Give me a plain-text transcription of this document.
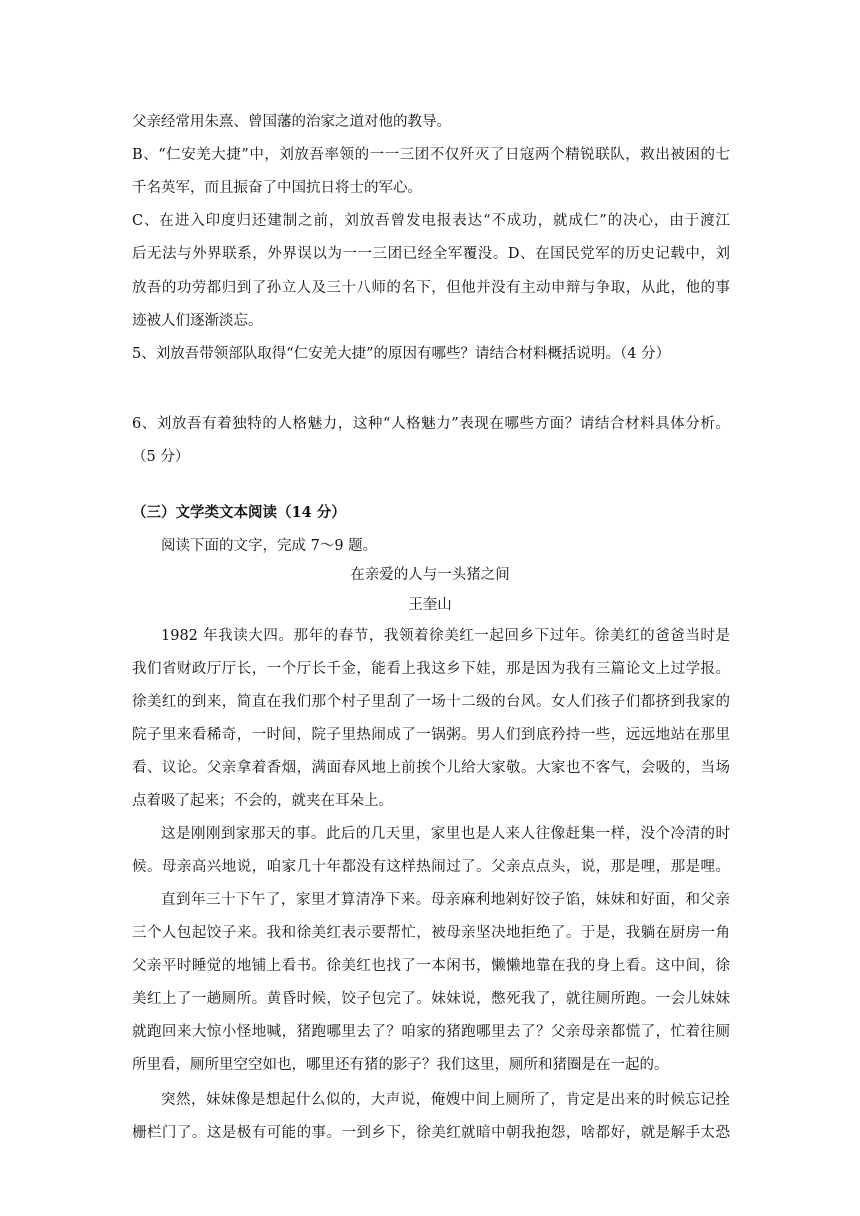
父亲经常用朱熹、曾国藩的治家之道对他的教导。
B、“仁安羌大捷”中，刘放吾率领的一一三团不仅歼灭了日寇两个精锐联队，救出被困的七
千名英军，而且振奋了中国抗日将士的军心。
C、在进入印度归还建制之前，刘放吾曾发电报表达“不成功，就成仁”的决心，由于渡江
后无法与外界联系，外界误以为一一三团已经全军覆没。D、在国民党军的历史记载中，刘
放吾的功劳都归到了孙立人及三十八师的名下，但他并没有主动申辩与争取，从此，他的事
迹被人们逐渐淡忘。
5、刘放吾带领部队取得“仁安羌大捷”的原因有哪些？请结合材料概括说明。（4 分）
6、刘放吾有着独特的人格魅力，这种“人格魅力”表现在哪些方面？请结合材料具体分析。
（5 分）
（三）文学类文本阅读（14 分）
阅读下面的文字，完成 7～9 题。
在亲爱的人与一头猪之间
王奎山
1982 年我读大四。那年的春节，我领着徐美红一起回乡下过年。徐美红的爸爸当时是
我们省财政厅厅长，一个厅长千金，能看上我这乡下娃，那是因为我有三篇论文上过学报。
徐美红的到来，简直在我们那个村子里刮了一场十二级的台风。女人们孩子们都挤到我家的
院子里来看稀奇，一时间，院子里热闹成了一锅粥。男人们到底矜持一些，远远地站在那里
看、议论。父亲拿着香烟，满面春风地上前挨个儿给大家敬。大家也不客气，会吸的，当场
点着吸了起来；不会的，就夹在耳朵上。
这是刚刚到家那天的事。此后的几天里，家里也是人来人往像赶集一样，没个冷清的时
候。母亲高兴地说，咱家几十年都没有这样热闹过了。父亲点点头，说，那是哩，那是哩。
直到年三十下午了，家里才算清净下来。母亲麻利地剁好饺子馅，妹妹和好面，和父亲
三个人包起饺子来。我和徐美红表示要帮忙，被母亲坚决地拒绝了。于是，我躺在厨房一角
父亲平时睡觉的地铺上看书。徐美红也找了一本闲书，懒懒地靠在我的身上看。这中间，徐
美红上了一趟厕所。黄昏时候，饺子包完了。妹妹说，憋死我了，就往厕所跑。一会儿妹妹
就跑回来大惊小怪地喊，猪跑哪里去了？咱家的猪跑哪里去了？父亲母亲都慌了，忙着往厕
所里看，厕所里空空如也，哪里还有猪的影子？我们这里，厕所和猪圈是在一起的。
突然，妹妹像是想起什么似的，大声说，俺嫂中间上厕所了，肯定是出来的时候忘记拴
栅栏门了。这是极有可能的事。一到乡下，徐美红就暗中朝我抱怨，啥都好，就是解手太恐
